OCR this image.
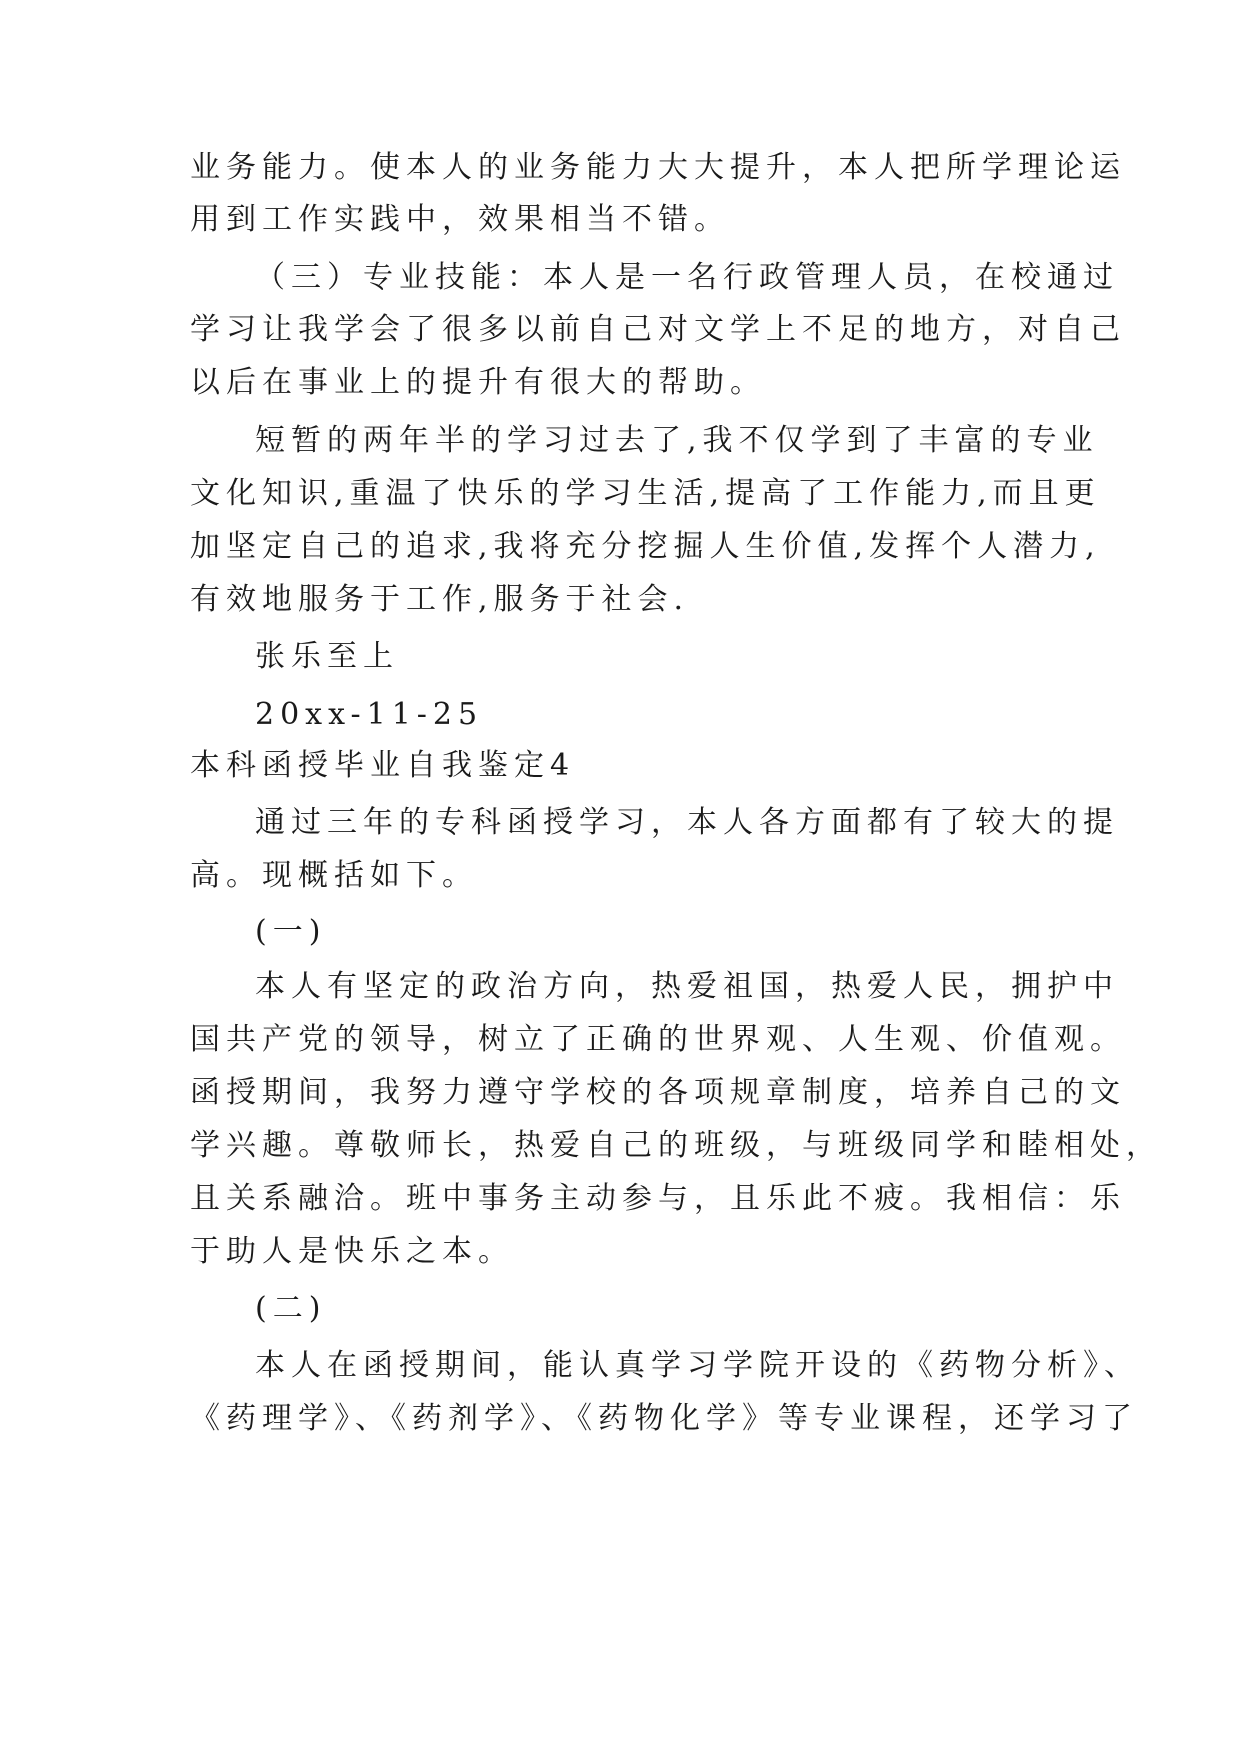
业务能力。使本人的业务能力大大提升，本人把所学理论运
用到工作实践中，效果相当不错。
（三）专业技能：本人是一名行政管理人员，在校通过
学习让我学会了很多以前自己对文学上不足的地方，对自己
以后在事业上的提升有很大的帮助。
短暂的两年半的学习过去了,我不仅学到了丰富的专业
文化知识,重温了快乐的学习生活,提高了工作能力,而且更
加坚定自己的追求,我将充分挖掘人生价值,发挥个人潜力,
有效地服务于工作,服务于社会.
张乐至上
20xx-11-25
本科函授毕业自我鉴定4
通过三年的专科函授学习，本人各方面都有了较大的提
高。现概括如下。
(一)
本人有坚定的政治方向，热爱祖国，热爱人民，拥护中
国共产党的领导，树立了正确的世界观、人生观、价值观。
函授期间，我努力遵守学校的各项规章制度，培养自己的文
学兴趣。尊敬师长，热爱自己的班级，与班级同学和睦相处，
且关系融洽。班中事务主动参与，且乐此不疲。我相信：乐
于助人是快乐之本。
(二)
本人在函授期间，能认真学习学院开设的《药物分析》、
《药理学》、《药剂学》、《药物化学》等专业课程，还学习了
